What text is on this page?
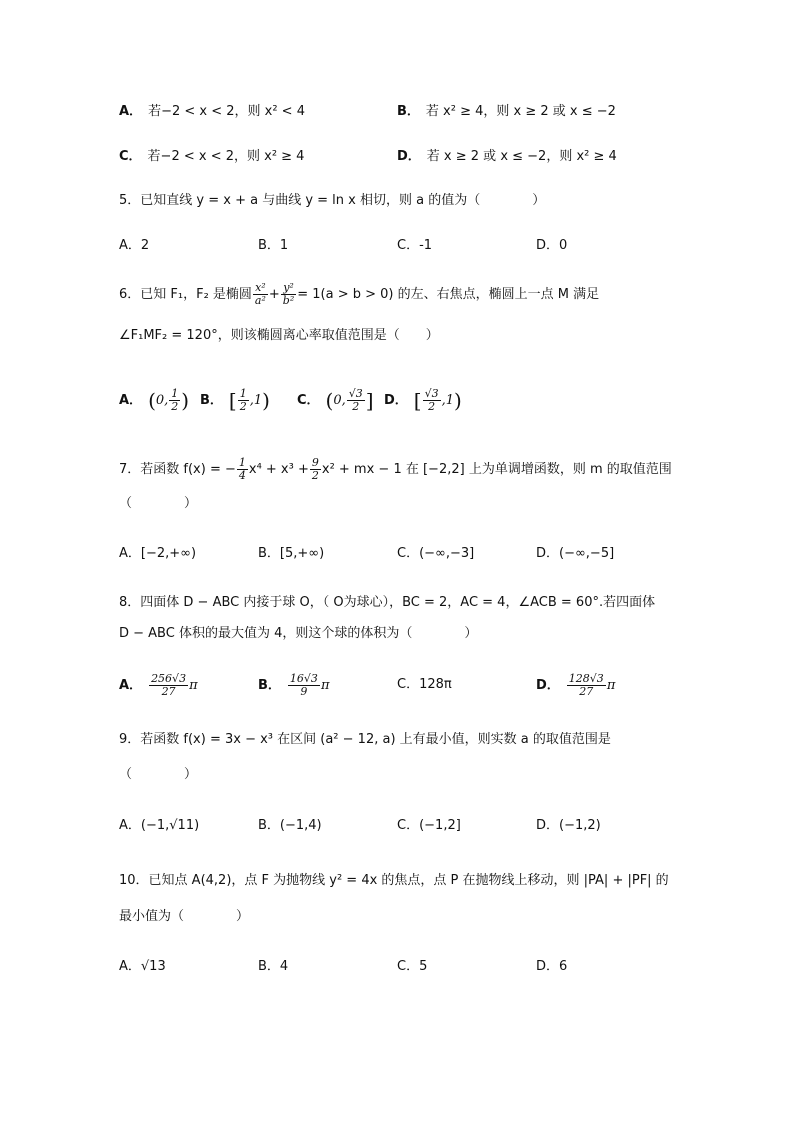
A． 若−2 < x < 2，则 x² < 4	B． 若 x² ≥ 4，则 x ≥ 2 或 x ≤ −2
C． 若−2 < x < 2，则 x² ≥ 4	D． 若 x ≥ 2 或 x ≤ −2，则 x² ≥ 4
5．已知直线 y = x + a 与曲线 y = ln x 相切，则 a 的值为（　　　　）
A．2	B．1	C．-1	D．0
6．已知 F₁，F₂ 是椭圆 $\frac{\text{x²}}{\text{a²}} + \frac{\text{y²}}{\text{b²}} = 1(a > b > 0)$ 的左、右焦点，椭圆上一点 M 满足
∠F₁MF₂ = 120°，则该椭圆离心率取值范围是（　　）
A． (0, $\frac{1}{2}$ ) B． [ $\frac{1}{2} ,1$) C． (0, $\frac{√3}{2}$ ] D． [ $\frac{√3}{2} ,1$)
7．若函数 f(x) = − $\frac{1}{4} x^4 + x^3 + \frac{9}{2} x^2$ + mx − 1 在 [−2,2] 上为单调增函数，则 m 的取值范围
（　　　　）
A．[−2,+∞)	B．[5,+∞)	C．(−∞,−3]	D．(−∞,−5]
8．四面体 D − ABC 内接于球 O，（ O为球心），BC = 2，AC = 4，∠ACB = 60°.若四面体
D − ABC 体积的最大值为 4，则这个球的体积为（　　　　）
A． $\frac{256√3}{27}$ π	B． $\frac{16√3}{9}$ π	C．128π	D． $\frac{128√3}{27}$ π
9．若函数 f(x) = 3x − x³ 在区间 (a² − 12, a) 上有最小值，则实数 a 的取值范围是
（　　　　）
A．(−1,√11)	B．(−1,4)	C．(−1,2]	D．(−1,2)
10．已知点 A(4,2)，点 F 为抛物线 y² = 4x 的焦点，点 P 在抛物线上移动，则 |PA| + |PF| 的
最小值为（　　　　）
A．√13	B．4	C．5	D．6
